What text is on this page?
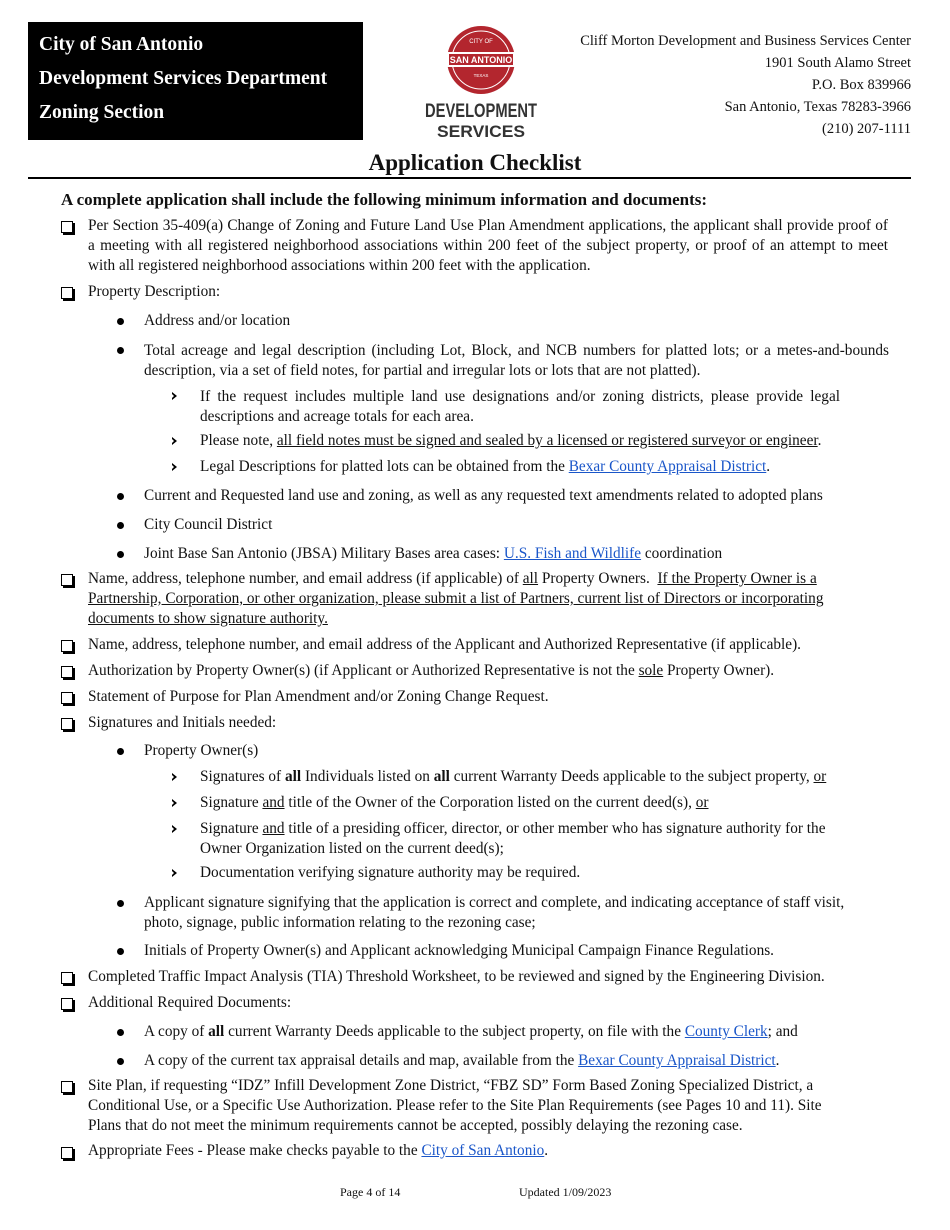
City of San Antonio
Development Services Department
Zoning Section
CITY OF
SAN ANTONIO
TEXAS
DEVELOPMENT
SERVICES
Cliff Morton Development and Business Services Center
1901 South Alamo Street
P.O. Box 839966
San Antonio, Texas 78283-3966
(210) 207-1111
Application Checklist
A complete application shall include the following minimum information and documents:
Per Section 35-409(a) Change of Zoning and Future Land Use Plan Amendment applications, the applicant shall provide proof of a meeting with all registered neighborhood associations within 200 feet of the subject property, or proof of an attempt to meet with all registered neighborhood associations within 200 feet with the application.
Property Description:
Address and/or location
Total acreage and legal description (including Lot, Block, and NCB numbers for platted lots; or a metes-and-bounds description, via a set of field notes, for partial and irregular lots or lots that are not platted).
If the request includes multiple land use designations and/or zoning districts, please provide legal descriptions and acreage totals for each area.
Please note, all field notes must be signed and sealed by a licensed or registered surveyor or engineer.
Legal Descriptions for platted lots can be obtained from the Bexar County Appraisal District.
Current and Requested land use and zoning, as well as any requested text amendments related to adopted plans
City Council District
Joint Base San Antonio (JBSA) Military Bases area cases: U.S. Fish and Wildlife coordination
Name, address, telephone number, and email address (if applicable) of all Property Owners.  If the Property Owner is a
Partnership, Corporation, or other organization, please submit a list of Partners, current list of Directors or incorporating
documents to show signature authority.
Name, address, telephone number, and email address of the Applicant and Authorized Representative (if applicable).
Authorization by Property Owner(s) (if Applicant or Authorized Representative is not the sole Property Owner).
Statement of Purpose for Plan Amendment and/or Zoning Change Request.
Signatures and Initials needed:
Property Owner(s)
Signatures of all Individuals listed on all current Warranty Deeds applicable to the subject property, or
Signature and title of the Owner of the Corporation listed on the current deed(s), or
Signature and title of a presiding officer, director, or other member who has signature authority for the
Owner Organization listed on the current deed(s);
Documentation verifying signature authority may be required.
Applicant signature signifying that the application is correct and complete, and indicating acceptance of staff visit,
photo, signage, public information relating to the rezoning case;
Initials of Property Owner(s) and Applicant acknowledging Municipal Campaign Finance Regulations.
Completed Traffic Impact Analysis (TIA) Threshold Worksheet, to be reviewed and signed by the Engineering Division.
Additional Required Documents:
A copy of all current Warranty Deeds applicable to the subject property, on file with the County Clerk; and
A copy of the current tax appraisal details and map, available from the Bexar County Appraisal District.
Site Plan, if requesting “IDZ” Infill Development Zone District, “FBZ SD” Form Based Zoning Specialized District, a
Conditional Use, or a Specific Use Authorization. Please refer to the Site Plan Requirements (see Pages 10 and 11). Site
Plans that do not meet the minimum requirements cannot be accepted, possibly delaying the rezoning case.
Appropriate Fees - Please make checks payable to the City of San Antonio.
Page 4 of 14	Updated 1/09/2023
